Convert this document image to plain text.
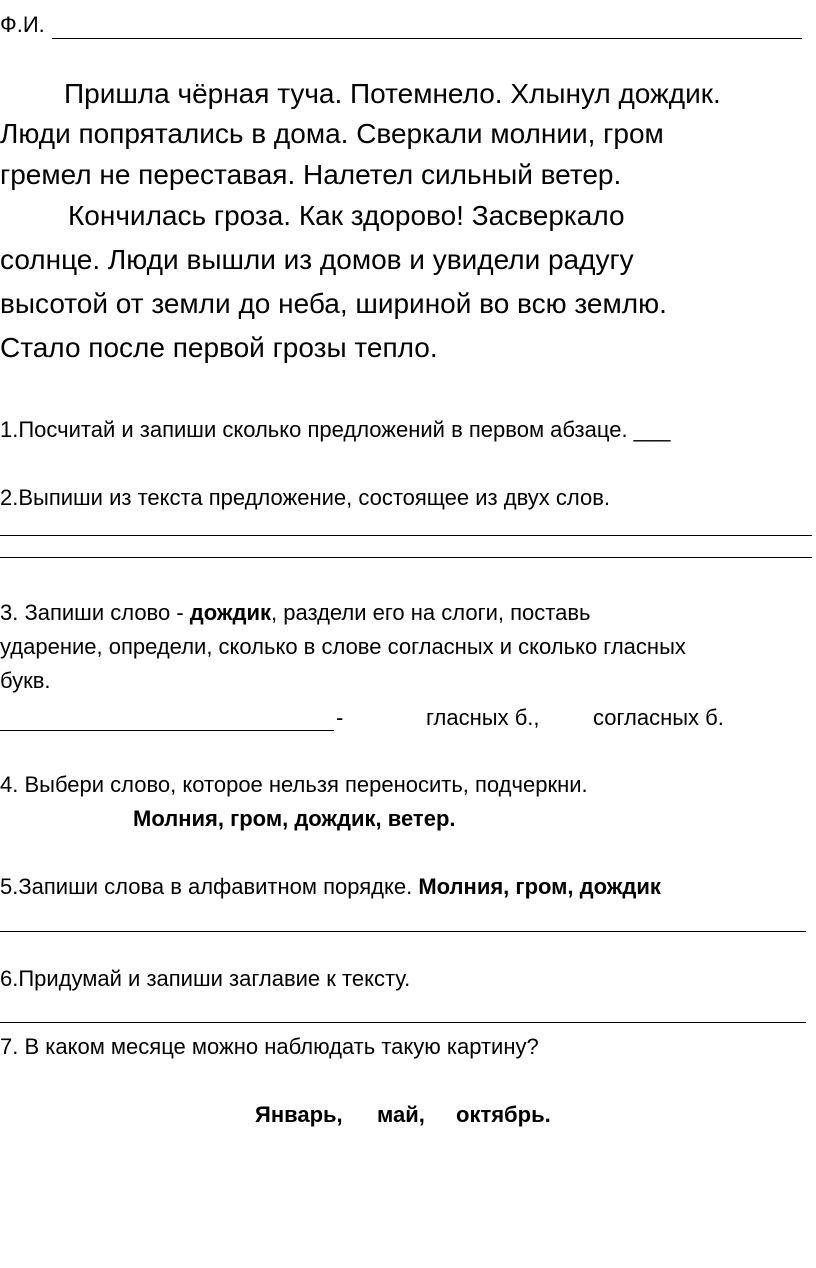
Ф.И.
Пришла чёрная туча. Потемнело. Хлынул дождик.
Люди попрятались в дома. Сверкали молнии, гром
гремел не переставая. Налетел сильный ветер.
Кончилась гроза. Как здорово! Засверкало
солнце. Люди вышли из домов и увидели радугу
высотой от земли до неба, шириной во всю землю.
Стало после первой грозы тепло.
1.Посчитай и запиши сколько предложений в первом абзаце. ___
2.Выпиши из текста предложение, состоящее из двух слов.
3. Запиши слово - дождик, раздели его на слоги, поставь
ударение, определи, сколько в слове согласных и сколько гласных
букв.
-	гласных б., согласных б.
4. Выбери слово, которое нельзя переносить, подчеркни.
Молния, гром, дождик, ветер.
5.Запиши слова в алфавитном порядке. Молния, гром, дождик
6.Придумай и запиши заглавие к тексту.
7. В каком месяце можно наблюдать такую картину?
Январь, май, октябрь.
